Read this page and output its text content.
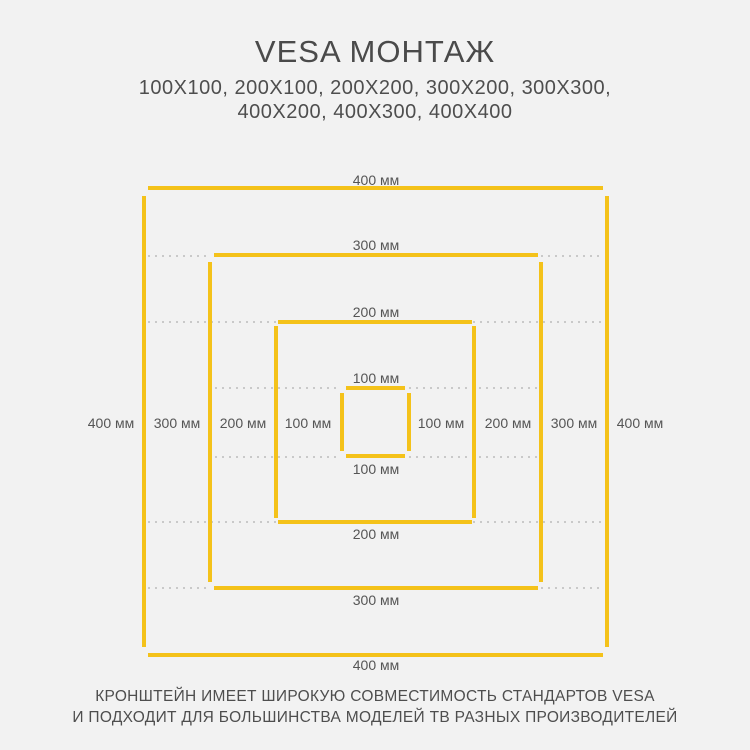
VESA МОНТАЖ
100X100, 200X100, 200X200, 300X200, 300X300,
400X200, 400X300, 400X400
400 мм
400 мм
400 мм	400 мм
300 мм
300 мм
300 мм	300 мм
200 мм
200 мм
200 мм	200 мм
100 мм
100 мм
100 мм	100 мм
КРОНШТЕЙН ИМЕЕТ ШИРОКУЮ СОВМЕСТИМОСТЬ СТАНДАРТОВ VESA
И ПОДХОДИТ ДЛЯ БОЛЬШИНСТВА МОДЕЛЕЙ ТВ РАЗНЫХ ПРОИЗВОДИТЕЛЕЙ
